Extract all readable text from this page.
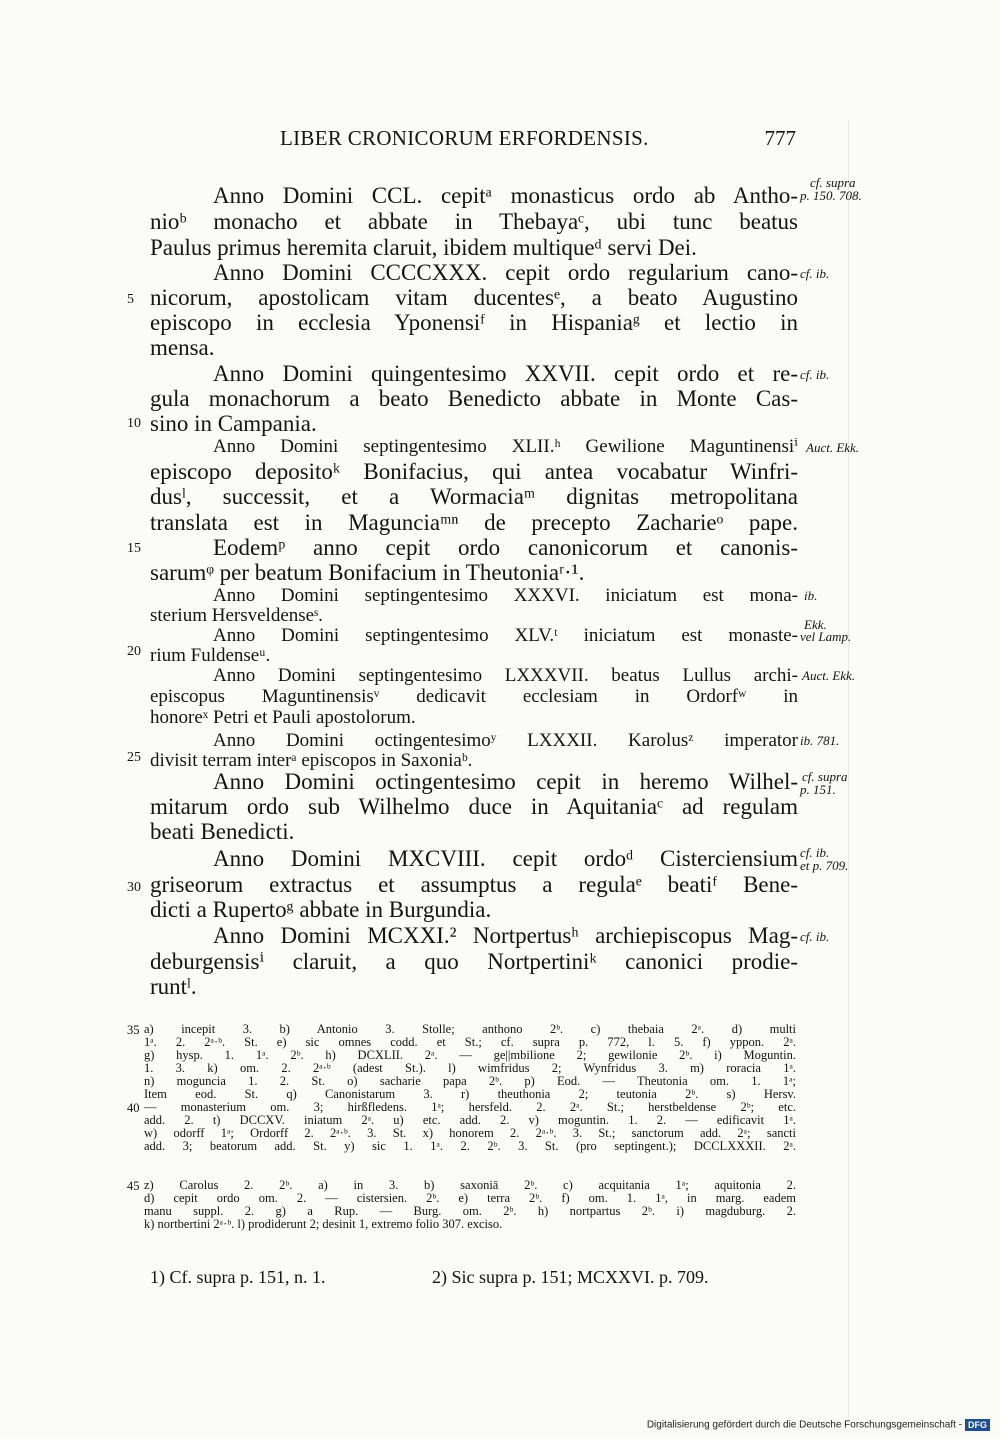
LIBER CRONICORUM ERFORDENSIS.	777
Anno Domini CCL. cepitᵃ monasticus ordo ab Antho-
nioᵇ monacho et abbate in Thebayaᶜ, ubi tunc beatus
Paulus primus heremita claruit, ibidem multiqueᵈ servi Dei.
Anno Domini CCCCXXX. cepit ordo regularium cano-
nicorum, apostolicam vitam ducentesᵉ, a beato Augustino
episcopo in ecclesia Yponensiᶠ in Hispaniaᵍ et lectio in
mensa.
Anno Domini quingentesimo XXVII. cepit ordo et re-
gula monachorum a beato Benedicto abbate in Monte Cas-
sino in Campania.
Anno Domini septingentesimo XLII.ʰ Gewilione Maguntinensiⁱ
episcopo depositoᵏ Bonifacius, qui antea vocabatur Winfri-
dusˡ, successit, et a Wormaciaᵐ dignitas metropolitana
translata est in Magunciaᵐⁿ de precepto Zacharieᵒ pape.
Eodemᵖ anno cepit ordo canonicorum et canonis-
sarumᵠ per beatum Bonifacium in Theutoniaʳ·¹.
Anno Domini septingentesimo XXXVI. iniciatum est mona-
sterium Hersveldenseˢ.
Anno Domini septingentesimo XLV.ᵗ iniciatum est monaste-
rium Fuldenseᵘ.
Anno Domini septingentesimo LXXXVII. beatus Lullus archi-
episcopus Maguntinensisᵛ dedicavit ecclesiam in Ordorfʷ in
honoreˣ Petri et Pauli apostolorum.
Anno Domini octingentesimoʸ LXXXII. Karolusᶻ imperator
divisit terram interᵃ episcopos in Saxoniaᵇ.
Anno Domini octingentesimo cepit in heremo Wilhel-
mitarum ordo sub Wilhelmo duce in Aquitaniaᶜ ad regulam
beati Benedicti.
Anno Domini MXCVIII. cepit ordoᵈ Cisterciensium
griseorum extractus et assumptus a regulaᵉ beatiᶠ Bene-
dicti a Rupertoᵍ abbate in Burgundia.
Anno Domini MCXXI.² Nortpertusʰ archiepiscopus Mag-
deburgensisⁱ claruit, a quo Nortpertiniᵏ canonici prodie-
runtˡ.
5
10
15
20
25
30
cf. supra
p. 150. 708.
cf. ib.
cf. ib.
Auct. Ekk.
ib.
Ekk.
vel Lamp.
Auct. Ekk.
ib. 781.
cf. supra
p. 151.
cf. ib.
et p. 709.
cf. ib.
35
40
45
a) incepit 3. b) Antonio 3. Stolle; anthono 2ᵇ. c) thebaia 2ᵃ. d) multi
1ᵃ. 2. 2ᵃ·ᵇ. St. e) sic omnes codd. et St.; cf. supra p. 772, l. 5. f) yppon. 2ᵃ.
g) hysp. 1. 1ᵃ. 2ᵇ. h) DCXLII. 2ᵃ. — ge||mbilione 2; gewilonie 2ᵇ. i) Moguntin.
1. 3. k) om. 2. 2ᵃ·ᵇ (adest St.). l) wimfridus 2; Wynfridus 3. m) roracia 1ᵃ.
n) moguncia 1. 2. St. o) sacharie papa 2ᵇ. p) Eod. — Theutonia om. 1. 1ᵃ;
Item eod. St. q) Canonistarum 3. r) theuthonia 2; teutonia 2ᵇ. s) Hersv.
— monasterium om. 3; hirßfledens. 1ᵃ; hersfeld. 2. 2ᵃ. St.; herstbeldense 2ᵇ; etc.
add. 2. t) DCCXV. iniatum 2ᵃ. u) etc. add. 2. v) moguntin. 1. 2. — edificavit 1ᵃ.
w) odorff 1ᵃ; Ordorff 2. 2ᵃ·ᵇ. 3. St. x) honorem 2. 2ᵃ·ᵇ. 3. St.; sanctorum add. 2ᵃ; sancti
add. 3; beatorum add. St. y) sic 1. 1ᵃ. 2. 2ᵇ. 3. St. (pro septingent.); DCCLXXXII. 2ᵃ.
z) Carolus 2. 2ᵇ. a) in 3. b) saxoniā 2ᵇ. c) acquitania 1ᵃ; aquitonia 2.
d) cepit ordo om. 2. — cistersien. 2ᵇ. e) terra 2ᵇ. f) om. 1. 1ᵃ, in marg. eadem
manu suppl. 2. g) a Rup. — Burg. om. 2ᵇ. h) nortpartus 2ᵇ. i) magduburg. 2.
k) nortbertini 2ᵃ·ᵇ. l) prodiderunt 2; desinit 1, extremo folio 307. exciso.
1) Cf. supra p. 151, n. 1.	2) Sic supra p. 151; MCXXVI. p. 709.
Digitalisierung gefördert durch die Deutsche Forschungsgemeinschaft - DFG
